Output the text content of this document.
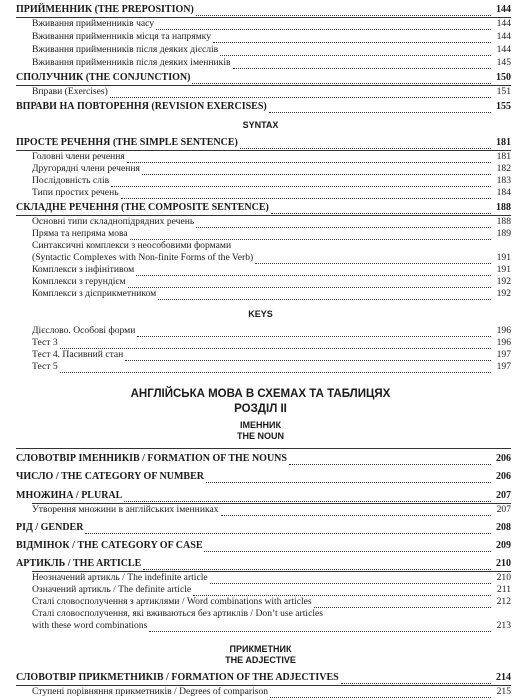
ПРИЙМЕННИК (THE PREPOSITION)	144
Вживання прийменників часу	144
Вживання прийменників місця та напрямку	144
Вживання прийменників після деяких дієслів	144
Вживання прийменників після деяких іменників	145
СПОЛУЧНИК (THE CONJUNCTION)	150
Вправи (Exercises)	151
ВПРАВИ НА ПОВТОРЕННЯ (REVISION EXERCISES)	155
SYNTAX
ПРОСТЕ РЕЧЕННЯ (THE SIMPLE SENTENCE)	181
Головні члени речення	181
Другорядні члени речення	182
Послідовність слів	183
Типи простих речень	184
СКЛАДНЕ РЕЧЕННЯ (THE COMPOSITE SENTENCE)	188
Основні типи складнопідрядних речень	188
Пряма та непряма мова	189
Синтаксичні комплекси з неособовими формами
(Syntactic Complexes with Non-finite Forms of the Verb)	191
Комплекси з інфінітивом	191
Комплекси з герундієм	192
Комплекси з дієприкметником	192
KEYS
Дієслово. Особові форми	196
Тест 3	196
Тест 4. Пасивний стан	197
Тест 5	197
АНГЛІЙСЬКА МОВА В СХЕМАХ ТА ТАБЛИЦЯХ
РОЗДІЛ II
ІМЕННИК
THE NOUN
СЛОВОТВІР ІМЕННИКІВ / FORMATION OF THE NOUNS	206
ЧИСЛО / THE CATEGORY OF NUMBER	206
МНОЖИНА / PLURAL	207
Утворення множини в англійських іменниках	207
РІД / GENDER	208
ВІДМІНОК / THE CATEGORY OF CASE	209
АРТИКЛЬ / THE ARTICLE	210
Неозначений артикль / The indefinite article	210
Означений артикль / The definite article	211
Сталі словосполучення з артиклями / Word combinations with articles	212
Сталі словосполучення, які вживаються без артиклів / Don’t use articles
with these word combinations	213
ПРИКМЕТНИК
THE ADJECTIVE
СЛОВОТВІР ПРИКМЕТНИКІВ / FORMATION OF THE ADJECTIVES	214
Ступені порівняння прикметників / Degrees of comparison	215
